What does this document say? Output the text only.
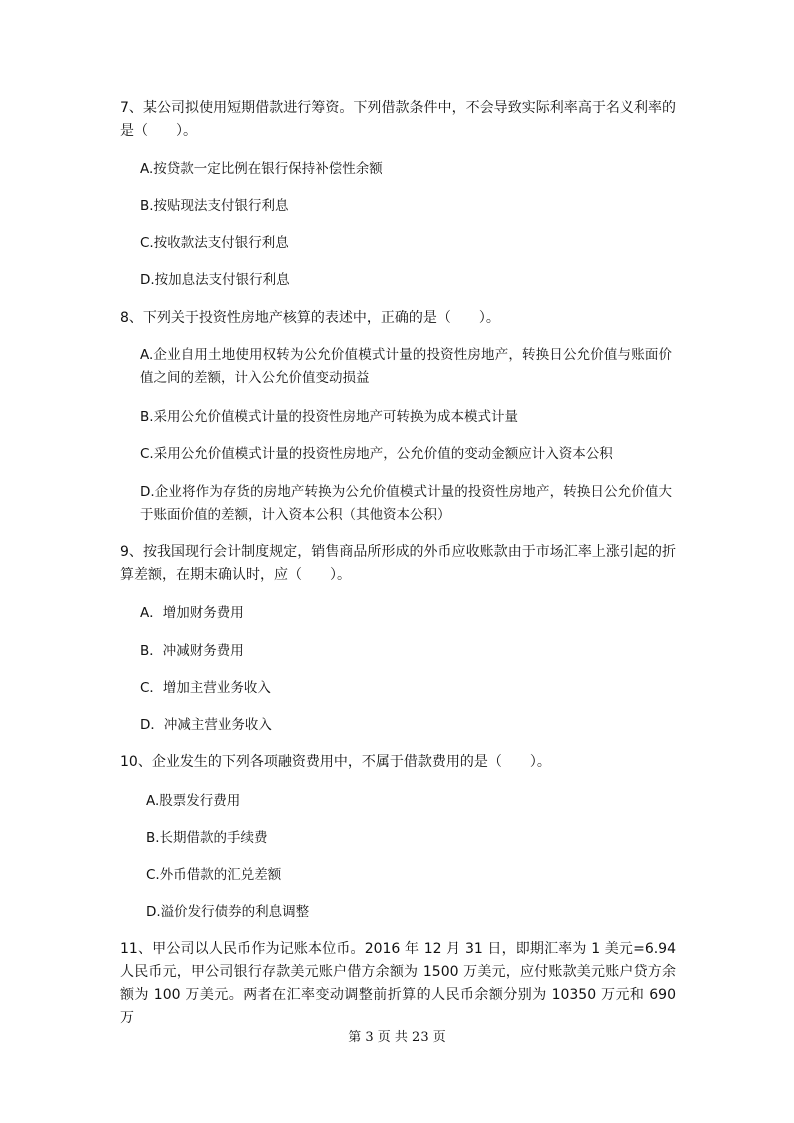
7、某公司拟使用短期借款进行筹资。下列借款条件中，不会导致实际利率高于名义利率的是（　　）。
A.按贷款一定比例在银行保持补偿性余额
B.按贴现法支付银行利息
C.按收款法支付银行利息
D.按加息法支付银行利息
8、下列关于投资性房地产核算的表述中，正确的是（　　）。
A.企业自用土地使用权转为公允价值模式计量的投资性房地产，转换日公允价值与账面价值之间的差额，计入公允价值变动损益
B.采用公允价值模式计量的投资性房地产可转换为成本模式计量
C.采用公允价值模式计量的投资性房地产，公允价值的变动金额应计入资本公积
D.企业将作为存货的房地产转换为公允价值模式计量的投资性房地产，转换日公允价值大于账面价值的差额，计入资本公积（其他资本公积）
9、按我国现行会计制度规定，销售商品所形成的外币应收账款由于市场汇率上涨引起的折算差额，在期末确认时，应（　　）。
A．增加财务费用
B．冲减财务费用
C．增加主营业务收入
D．冲减主营业务收入
10、企业发生的下列各项融资费用中，不属于借款费用的是（　　）。
A.股票发行费用
B.长期借款的手续费
C.外币借款的汇兑差额
D.溢价发行债券的利息调整
11、甲公司以人民币作为记账本位币。2016 年 12 月 31 日，即期汇率为 1 美元=6.94人民币元，甲公司银行存款美元账户借方余额为 1500 万美元，应付账款美元账户贷方余额为 100 万美元。两者在汇率变动调整前折算的人民币余额分别为 10350 万元和 690 万
第 3 页 共 23 页
